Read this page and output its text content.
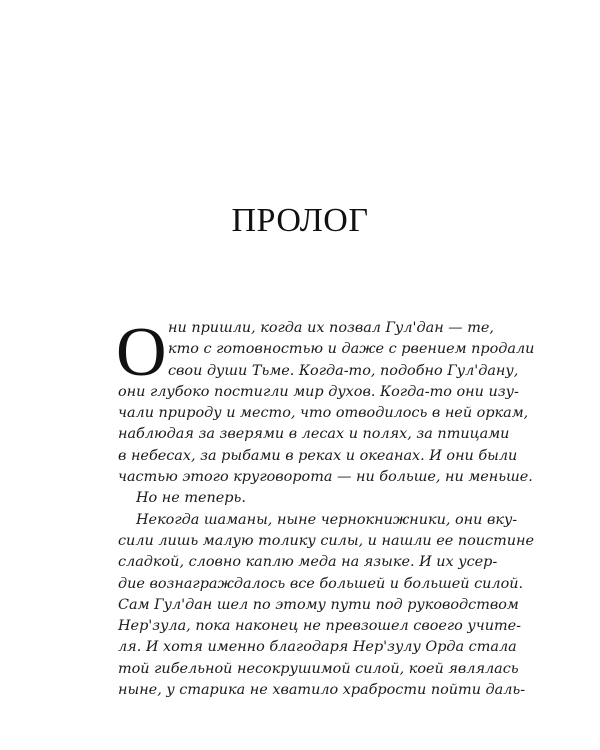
ПРОЛОГ
О ни пришли, когда их позвал Гул'дан — те,
кто с готовностью и даже с рвением продали
свои души Тьме. Когда-то, подобно Гул'дану,
они глубоко постигли мир духов. Когда-то они изу-
чали природу и место, что отводилось в ней оркам,
наблюдая за зверями в лесах и полях, за птицами
в небесах, за рыбами в реках и океанах. И они были
частью этого круговорота — ни больше, ни меньше.
Но не теперь.
Некогда шаманы, ныне чернокнижники, они вку-
сили лишь малую толику силы, и нашли ее поистине
сладкой, словно каплю меда на языке. И их усер-
дие вознаграждалось все большей и большей силой.
Сам Гул'дан шел по этому пути под руководством
Нер'зула, пока наконец не превзошел своего учите-
ля. И хотя именно благодаря Нер'зулу Орда стала
той гибельной несокрушимой силой, коей являлась
ныне, у старика не хватило храбрости пойти даль-
